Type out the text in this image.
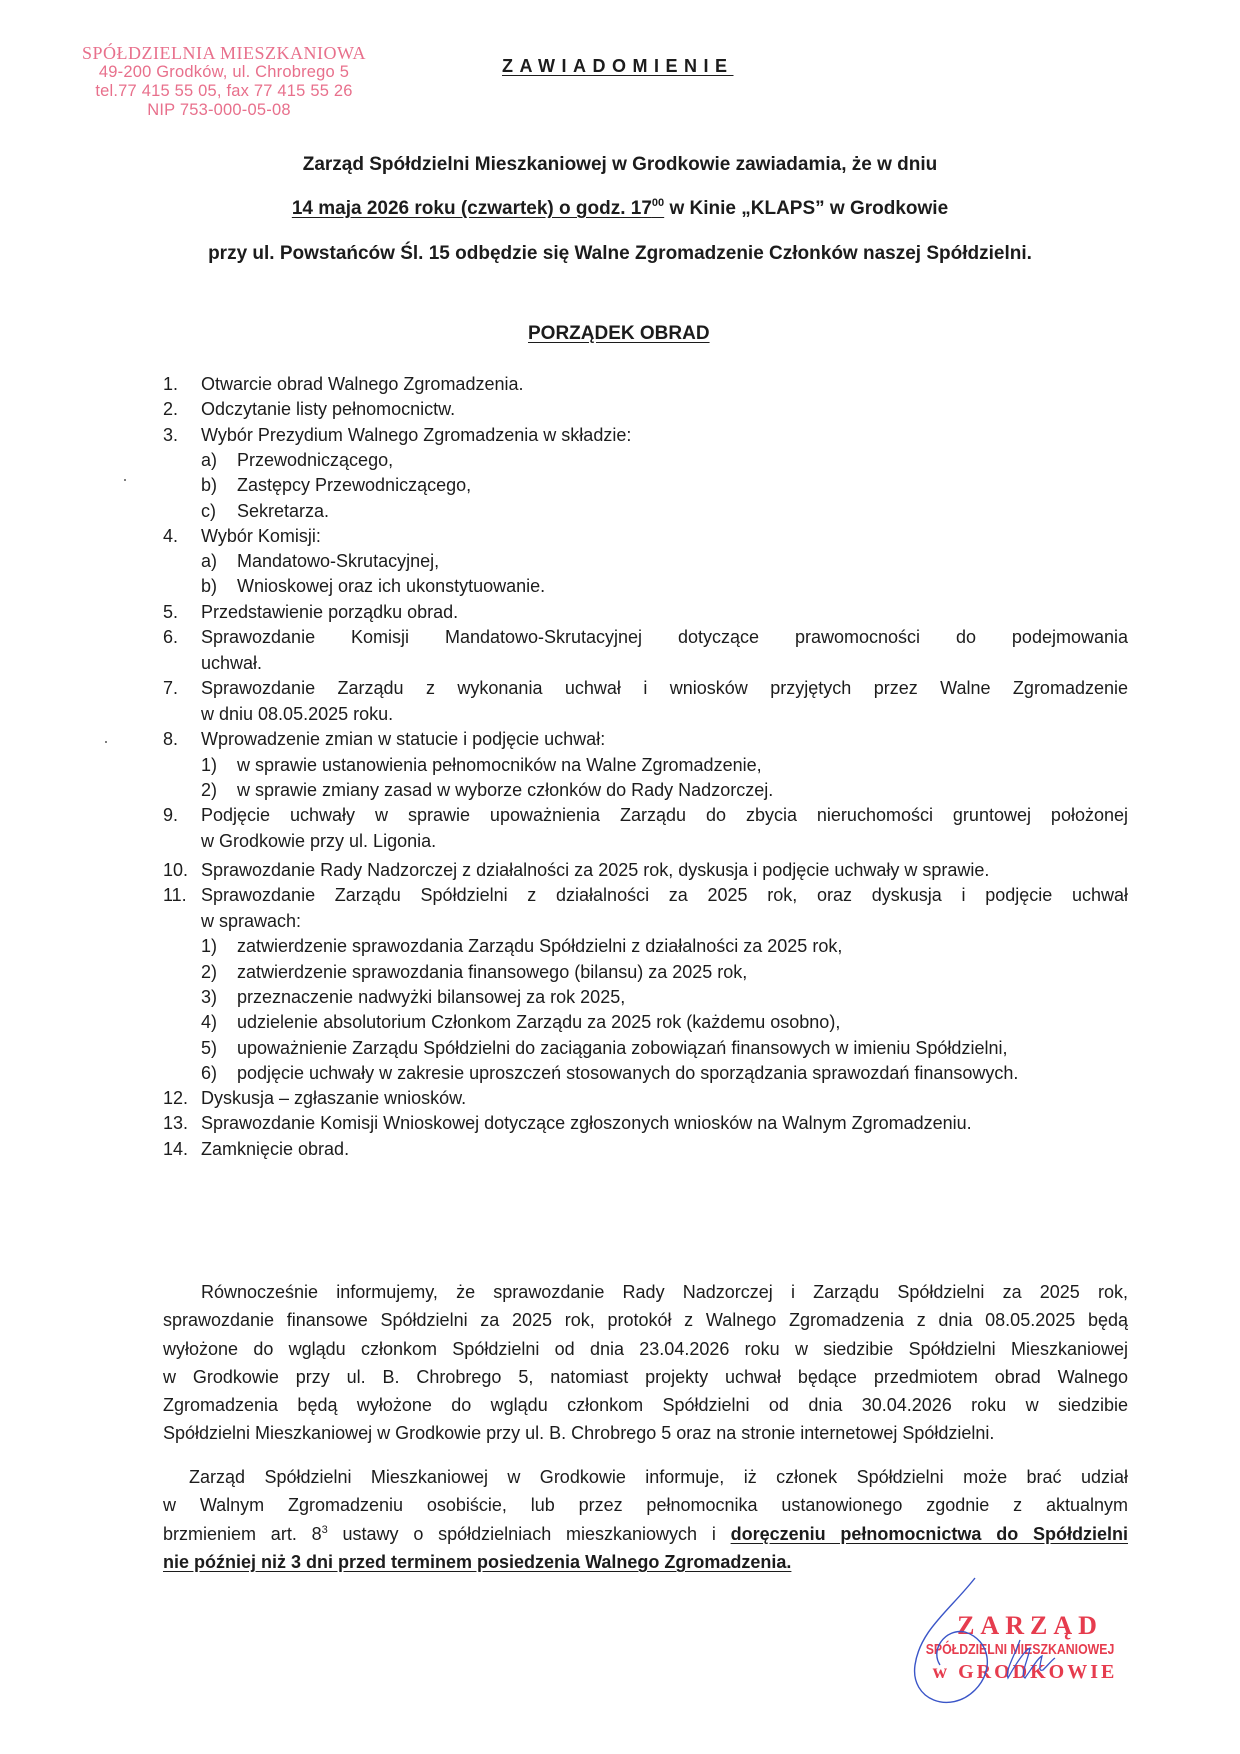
SPÓŁDZIELNIA MIESZKANIOWA
49-200 Grodków, ul. Chrobrego 5
tel.77 415 55 05, fax 77 415 55 26
NIP 753-000-05-08
ZAWIADOMIENIE
Zarząd Spółdzielni Mieszkaniowej w Grodkowie zawiadamia, że w dniu
14 maja 2026 roku (czwartek) o godz. $17^{00}$ w Kinie „KLAPS” w Grodkowie
przy ul. Powstańców Śl. 15 odbędzie się Walne Zgromadzenie Członków naszej Spółdzielni.
PORZĄDEK OBRAD
1.	Otwarcie obrad Walnego Zgromadzenia.
2.	Odczytanie listy pełnomocnictw.
3.	Wybór Prezydium Walnego Zgromadzenia w składzie:
a)	Przewodniczącego,
b)	Zastępcy Przewodniczącego,
c)	Sekretarza.
4.	Wybór Komisji:
a)	Mandatowo-Skrutacyjnej,
b)	Wnioskowej oraz ich ukonstytuowanie.
5.	Przedstawienie porządku obrad.
6.	Sprawozdanie Komisji Mandatowo-Skrutacyjnej dotyczące prawomocności do podejmowania
uchwał.
7.	Sprawozdanie Zarządu z wykonania uchwał i wniosków przyjętych przez Walne Zgromadzenie
w dniu 08.05.2025 roku.
8.	Wprowadzenie zmian w statucie i podjęcie uchwał:
1)	w sprawie ustanowienia pełnomocników na Walne Zgromadzenie,
2)	w sprawie zmiany zasad w wyborze członków do Rady Nadzorczej.
9.	Podjęcie uchwały w sprawie upoważnienia Zarządu do zbycia nieruchomości gruntowej położonej
w Grodkowie przy ul. Ligonia.
10. Sprawozdanie Rady Nadzorczej z działalności za 2025 rok, dyskusja i podjęcie uchwały w sprawie.
11. Sprawozdanie Zarządu Spółdzielni z działalności za 2025 rok, oraz dyskusja i podjęcie uchwał
w sprawach:
1)	zatwierdzenie sprawozdania Zarządu Spółdzielni z działalności za 2025 rok,
2)	zatwierdzenie sprawozdania finansowego (bilansu) za 2025 rok,
3)	przeznaczenie nadwyżki bilansowej za rok 2025,
4)	udzielenie absolutorium Członkom Zarządu za 2025 rok (każdemu osobno),
5)	upoważnienie Zarządu Spółdzielni do zaciągania zobowiązań finansowych w imieniu Spółdzielni,
6)	podjęcie uchwały w zakresie uproszczeń stosowanych do sporządzania sprawozdań finansowych.
12. Dyskusja – zgłaszanie wniosków.
13. Sprawozdanie Komisji Wnioskowej dotyczące zgłoszonych wniosków na Walnym Zgromadzeniu.
14. Zamknięcie obrad.
Równocześnie informujemy, że sprawozdanie Rady Nadzorczej i Zarządu Spółdzielni za 2025 rok,
sprawozdanie finansowe Spółdzielni za 2025 rok, protokół z Walnego Zgromadzenia z dnia 08.05.2025 będą
wyłożone do wglądu członkom Spółdzielni od dnia 23.04.2026 roku w siedzibie Spółdzielni Mieszkaniowej
w Grodkowie przy ul. B. Chrobrego 5, natomiast projekty uchwał będące przedmiotem obrad Walnego
Zgromadzenia będą wyłożone do wglądu członkom Spółdzielni od dnia 30.04.2026 roku w siedzibie
Spółdzielni Mieszkaniowej w Grodkowie przy ul. B. Chrobrego 5 oraz na stronie internetowej Spółdzielni.
Zarząd Spółdzielni Mieszkaniowej w Grodkowie informuje, iż członek Spółdzielni może brać udział
w Walnym Zgromadzeniu osobiście, lub przez pełnomocnika ustanowionego zgodnie z aktualnym
brzmieniem art. $8^3$ ustawy o spółdzielniach mieszkaniowych i doręczeniu pełnomocnictwa do Spółdzielni
nie później niż 3 dni przed terminem posiedzenia Walnego Zgromadzenia.
ZARZĄD
SPÓŁDZIELNI MIESZKANIOWEJ
w GRODKOWIE
